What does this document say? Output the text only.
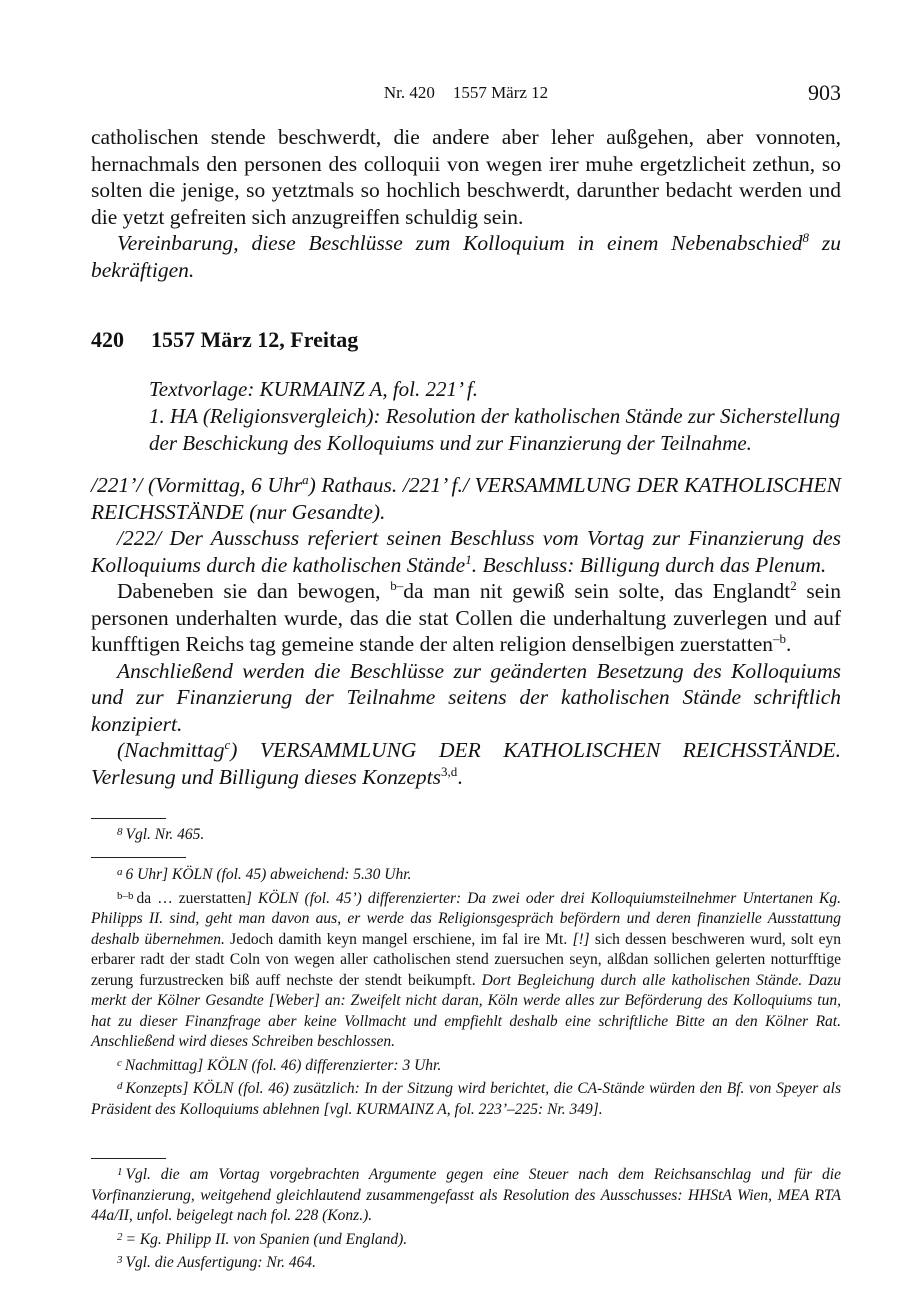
Nr. 420 1557 März 12	903

catholischen stende beschwerdt, die andere aber leher außgehen, aber vonnoten, hernachmals den personen des colloquii von wegen irer muhe ergetzlicheit zethun, so solten die jenige, so yetztmals so hochlich beschwerdt, darunther bedacht werden und die yetzt gefreiten sich anzugreiffen schuldig sein.

Vereinbarung, diese Beschlüsse zum Kolloquium in einem Nebenabschied$^8$ zu bekräftigen.

420 1557 März 12, Freitag

Textvorlage: KURMAINZ A, fol. 221’ f.

1. HA (Religionsvergleich): Resolution der katholischen Stände zur Sicherstellung der Beschickung des Kolloquiums und zur Finanzierung der Teilnahme.

/221’/ (Vormittag, 6 Uhr$^a$) Rathaus. /221’ f./ VERSAMMLUNG DER KATHOLISCHEN REICHSSTÄNDE (nur Gesandte).

/222/ Der Ausschuss referiert seinen Beschluss vom Vortag zur Finanzierung des Kolloquiums durch die katholischen Stände$^1$. Beschluss: Billigung durch das Plenum.

Dabeneben sie dan bewogen, $^{b-}$da man nit gewiß sein solte, das Englandt$^2$ sein personen underhalten wurde, das die stat Collen die underhaltung zuverlegen und auf kunfftigen Reichs tag gemeine stande der alten religion denselbigen zuerstatten$^{-b}$.

Anschließend werden die Beschlüsse zur geänderten Besetzung des Kolloquiums und zur Finanzierung der Teilnahme seitens der katholischen Stände schriftlich konzipiert.

(Nachmittag$^c$) VERSAMMLUNG DER KATHOLISCHEN REICHSSTÄNDE. Verlesung und Billigung dieses Konzepts$^{3,d}$.

$^8$ Vgl. Nr. 465.

$^a$ 6 Uhr] KÖLN (fol. 45) abweichend: 5.30 Uhr.

$^{b-b}$ da … zuerstatten] KÖLN (fol. 45’) differenzierter: Da zwei oder drei Kolloquiumsteilnehmer Untertanen Kg. Philipps II. sind, geht man davon aus, er werde das Religionsgespräch befördern und deren finanzielle Ausstattung deshalb übernehmen. Jedoch damith keyn mangel erschiene, im fal ire Mt. [!] sich dessen beschweren wurd, solt eyn erbarer radt der stadt Coln von wegen aller catholischen stend zuersuchen seyn, alßdan sollichen gelerten notturfftige zerung furzustrecken biß auff nechste der stendt beikumpft. Dort Begleichung durch alle katholischen Stände. Dazu merkt der Kölner Gesandte [Weber] an: Zweifelt nicht daran, Köln werde alles zur Beförderung des Kolloquiums tun, hat zu dieser Finanzfrage aber keine Vollmacht und empfiehlt deshalb eine schriftliche Bitte an den Kölner Rat. Anschließend wird dieses Schreiben beschlossen.

$^c$ Nachmittag] KÖLN (fol. 46) differenzierter: 3 Uhr.

$^d$ Konzepts] KÖLN (fol. 46) zusätzlich: In der Sitzung wird berichtet, die CA-Stände würden den Bf. von Speyer als Präsident des Kolloquiums ablehnen [vgl. KURMAINZ A, fol. 223’–225: Nr. 349].

$^1$ Vgl. die am Vortag vorgebrachten Argumente gegen eine Steuer nach dem Reichsanschlag und für die Vorfinanzierung, weitgehend gleichlautend zusammengefasst als Resolution des Ausschusses: HHStA Wien, MEA RTA 44a/II, unfol. beigelegt nach fol. 228 (Konz.).

$^2$ = Kg. Philipp II. von Spanien (und England).

$^3$ Vgl. die Ausfertigung: Nr. 464.
